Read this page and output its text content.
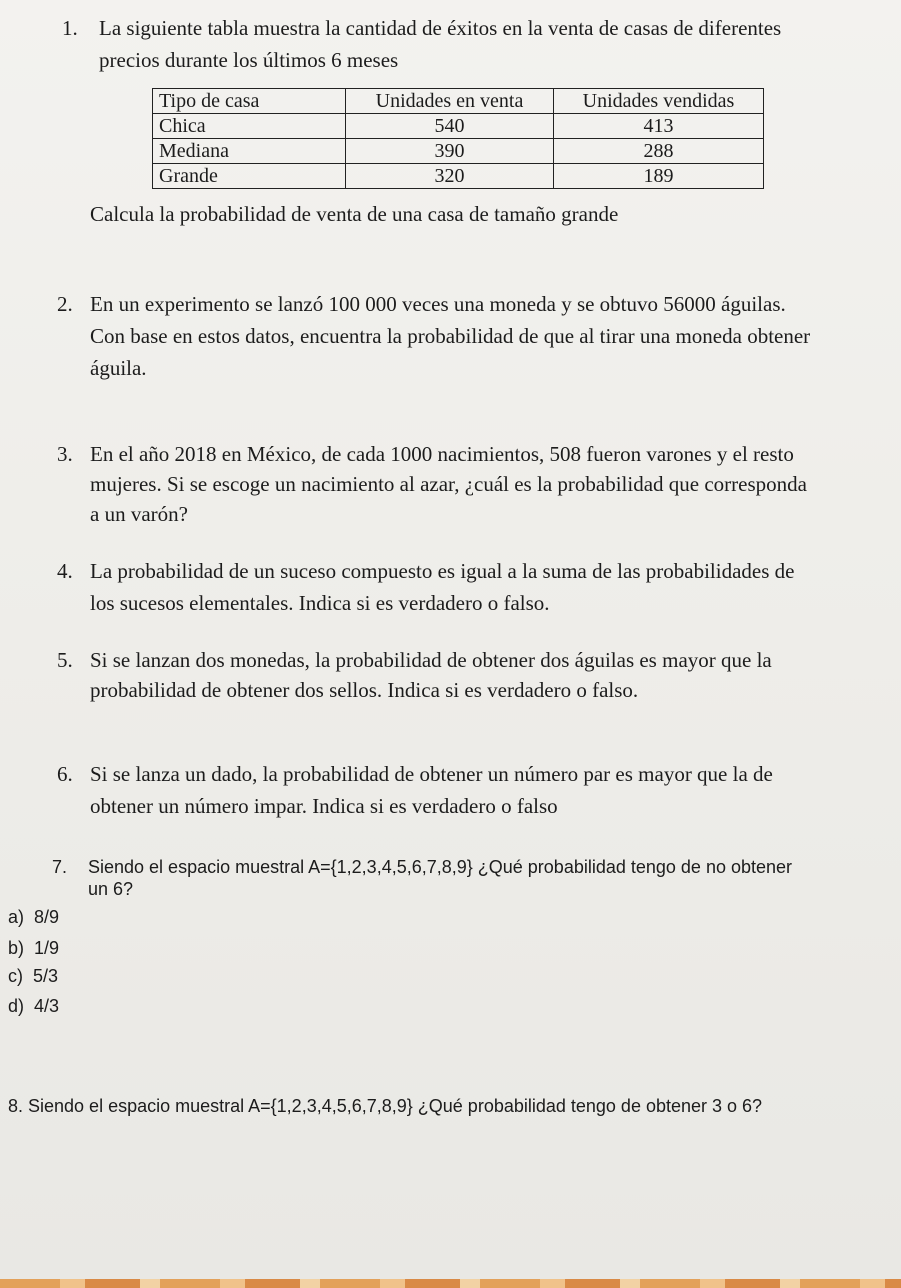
1. La siguiente tabla muestra la cantidad de éxitos en la venta de casas de diferentes
precios durante los últimos 6 meses
Tipo de casa	Unidades en venta	Unidades vendidas
Chica	540	413
Mediana	390	288
Grande	320	189
Calcula la probabilidad de venta de una casa de tamaño grande
2. En un experimento se lanzó 100 000 veces una moneda y se obtuvo 56000 águilas.
Con base en estos datos, encuentra la probabilidad de que al tirar una moneda obtener
águila.
3. En el año 2018 en México, de cada 1000 nacimientos, 508 fueron varones y el resto
mujeres. Si se escoge un nacimiento al azar, ¿cuál es la probabilidad que corresponda
a un varón?
4. La probabilidad de un suceso compuesto es igual a la suma de las probabilidades de
los sucesos elementales. Indica si es verdadero o falso.
5. Si se lanzan dos monedas, la probabilidad de obtener dos águilas es mayor que la
probabilidad de obtener dos sellos. Indica si es verdadero o falso.
6. Si se lanza un dado, la probabilidad de obtener un número par es mayor que la de
obtener un número impar. Indica si es verdadero o falso
7. Siendo el espacio muestral A={1,2,3,4,5,6,7,8,9} ¿Qué probabilidad tengo de no obtener
un 6?
a) 8/9
b) 1/9
c) 5/3
d) 4/3
8. Siendo el espacio muestral A={1,2,3,4,5,6,7,8,9} ¿Qué probabilidad tengo de obtener 3 o 6?
